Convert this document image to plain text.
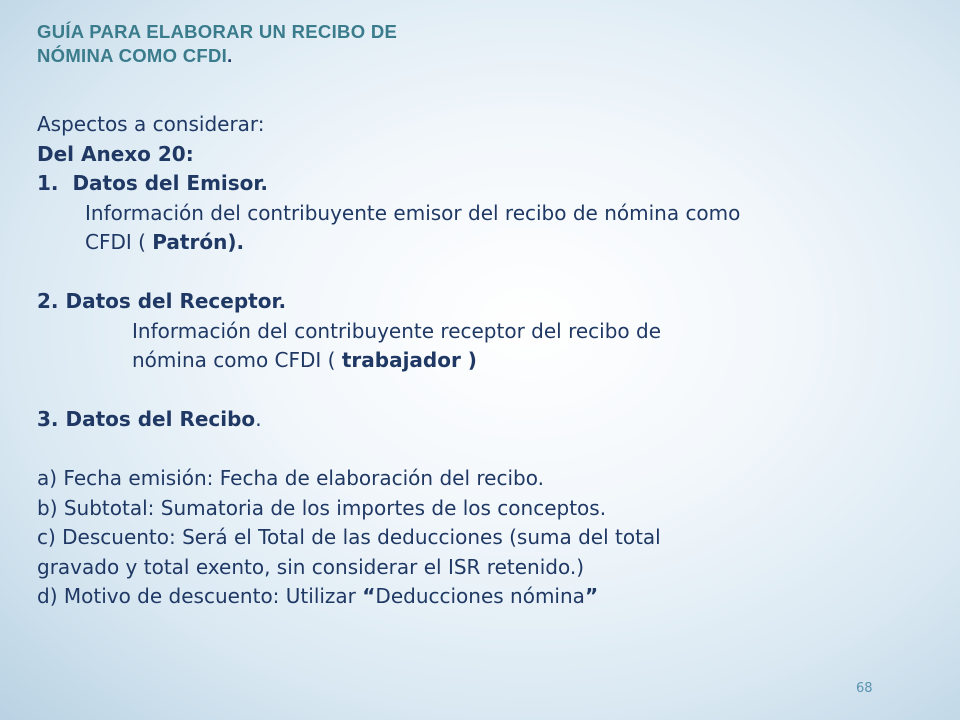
GUÍA PARA ELABORAR UN RECIBO DE
NÓMINA COMO CFDI.
Aspectos a considerar:
Del Anexo 20:
1.  Datos del Emisor.
Información del contribuyente emisor del recibo de nómina como
CFDI ( Patrón).
2. Datos del Receptor.
Información del contribuyente receptor del recibo de
nómina como CFDI ( trabajador )
3. Datos del Recibo.
a) Fecha emisión: Fecha de elaboración del recibo.
b) Subtotal: Sumatoria de los importes de los conceptos.
c) Descuento: Será el Total de las deducciones (suma del total
gravado y total exento, sin considerar el ISR retenido.)
d) Motivo de descuento: Utilizar “Deducciones nómina”
68
